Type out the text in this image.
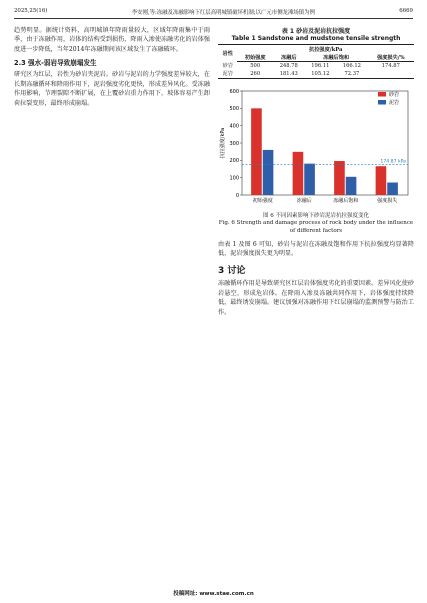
2025,25(16)	李安刚,等:冻融及冻融影响下红层高明城镇破坏机制;以广元市侧龙滩场镇为例	6669
趋势明显。据统计资料，高明城镇年降雨量较大，区域年降雨集中于雨季，由于冻融作用，岩体的结构受到损伤，降雨入渗使冻融劣化的岩体强度进一步降低，当年2014年冻融期间该区域发生了冻融破坏。
2.3 强水-弱岩导致崩塌发生
研究区为红层，岩性为砂岩夹泥岩。砂岩与泥岩的力学强度差异较大，在长期冻融循环和降雨作用下，泥岩强度劣化更快，形成差异风化。受冻融作用影响，节理裂隙不断扩展，在上覆砂岩重力作用下，坡体容易产生卸荷拉裂变形，最终形成崩塌。
表 1 砂岩及泥岩抗拉强度
Table 1 Sandstone and mudstone tensile strength
岩性	抗拉强度/kPa				
	初始强度	冻融后	冻融后饱和		强度损失/%
砂岩	500	248.78	196.11	166.12	174.87
泥岩	260	181.43	105.12	72.37	
0
100
200
300
400
500
600
抗拉强度/kPa
初始强度	冻融后	冻融后饱和	强度损失
174.87 kPa
砂岩
泥岩
图 6 不同因素影响下砂岩泥岩抗拉强度变化
Fig. 6 Strength and damage process of rock body under the influence of different factors
由表 1 及图 6 可知，砂岩与泥岩在冻融及饱和作用下抗拉强度均显著降低，泥岩强度损失更为明显。
3 讨论
冻融循环作用是导致研究区红层岩体强度劣化的重要因素。差异风化使砂岩悬空，形成危岩体。在降雨入渗及冻融共同作用下，岩体强度持续降低，最终诱发崩塌。建议加强对冻融作用下红层崩塌的监测预警与防治工作。
投稿网址: www.stae.com.cn
